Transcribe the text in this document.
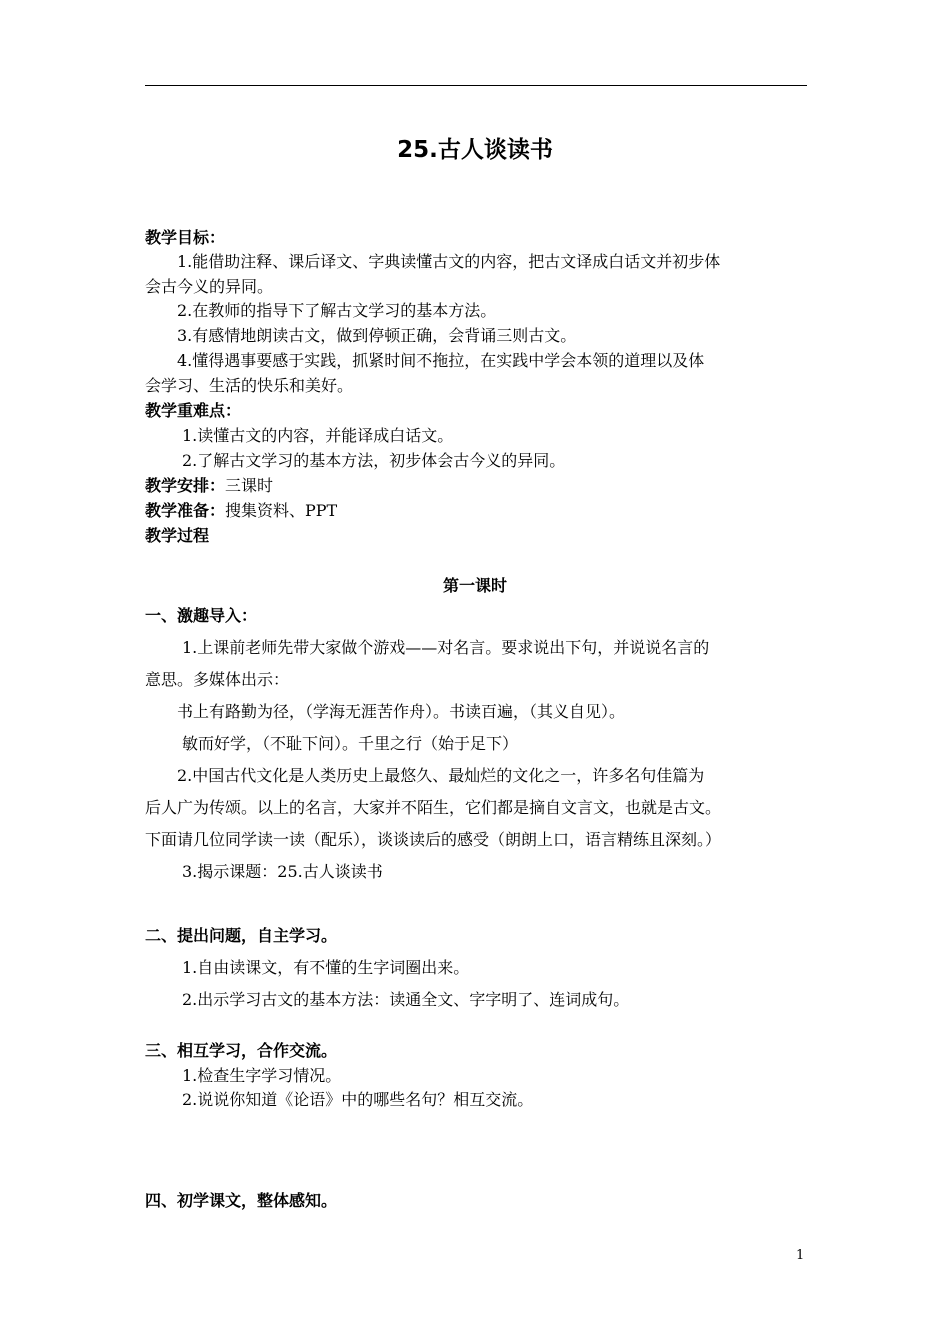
25.古人谈读书
教学目标：
1.能借助注释、课后译文、字典读懂古文的内容，把古文译成白话文并初步体
会古今义的异同。
2.在教师的指导下了解古文学习的基本方法。
3.有感情地朗读古文，做到停顿正确，会背诵三则古文。
4.懂得遇事要感于实践，抓紧时间不拖拉，在实践中学会本领的道理以及体
会学习、生活的快乐和美好。
教学重难点：
1.读懂古文的内容，并能译成白话文。
2.了解古文学习的基本方法，初步体会古今义的异同。
教学安排：三课时
教学准备：搜集资料、PPT
教学过程
第一课时
一、激趣导入：
1.上课前老师先带大家做个游戏——对名言。要求说出下句，并说说名言的
意思。多媒体出示：
书上有路勤为径，（学海无涯苦作舟）。书读百遍，（其义自见）。
敏而好学，（不耻下问）。千里之行（始于足下）
2.中国古代文化是人类历史上最悠久、最灿烂的文化之一，许多名句佳篇为
后人广为传颂。以上的名言，大家并不陌生，它们都是摘自文言文，也就是古文。
下面请几位同学读一读（配乐），谈谈读后的感受（朗朗上口，语言精练且深刻。）
3.揭示课题：25.古人谈读书
二、提出问题，自主学习。
1.自由读课文，有不懂的生字词圈出来。
2.出示学习古文的基本方法：读通全文、字字明了、连词成句。
三、相互学习，合作交流。
1.检查生字学习情况。
2.说说你知道《论语》中的哪些名句？相互交流。
四、初学课文，整体感知。
1
